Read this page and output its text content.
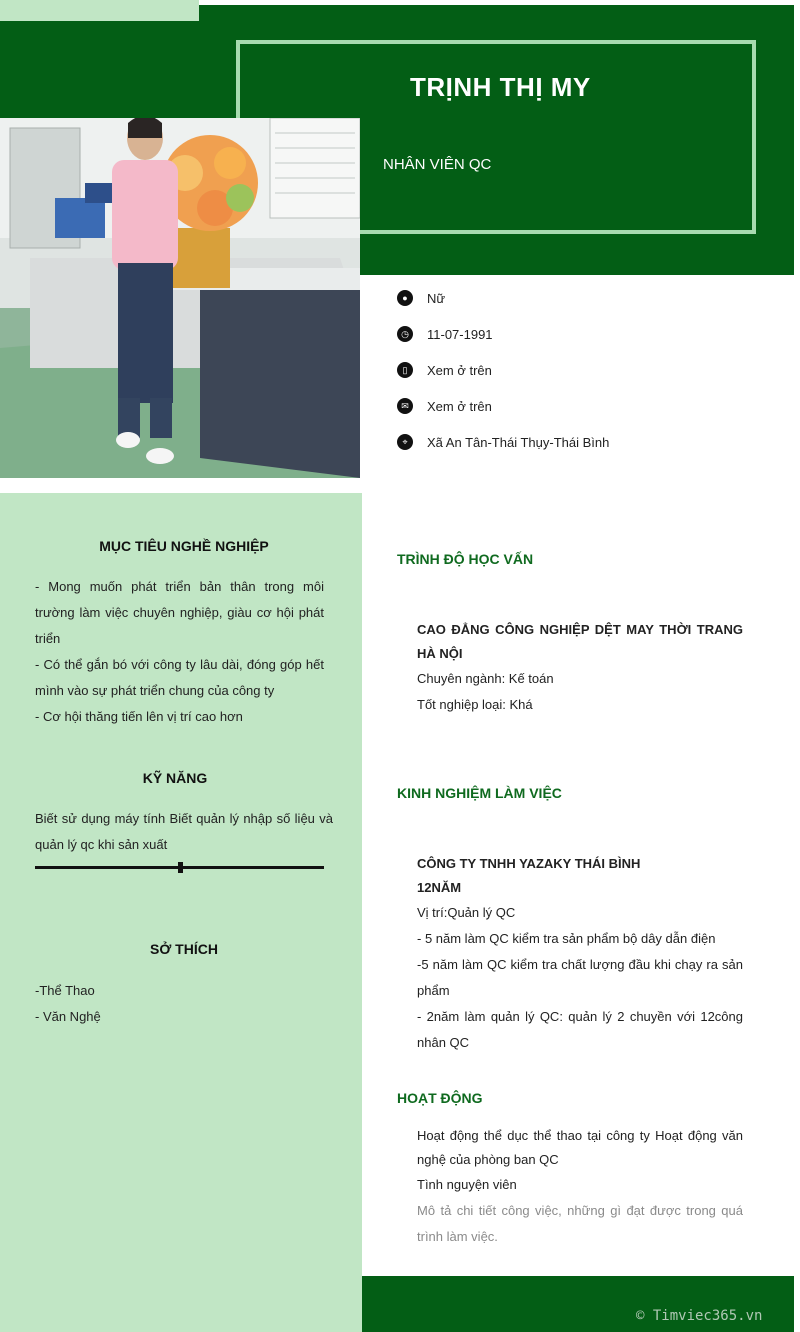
TRỊNH THỊ MY
NHÂN VIÊN QC
●	Nữ
◷	11-07-1991
▯	Xem ở trên
✉	Xem ở trên
⌖	Xã An Tân-Thái Thụy-Thái Bình
MỤC TIÊU NGHỀ NGHIỆP
- Mong muốn phát triển bản thân trong môi trường làm việc chuyên nghiệp, giàu cơ hội phát triển
- Có thể gắn bó với công ty lâu dài, đóng góp hết mình vào sự phát triển chung của công ty
- Cơ hội thăng tiến lên vị trí cao hơn
KỸ NĂNG
Biết sử dụng máy tính Biết quản lý nhập số liệu và quản lý qc khi sản xuất
SỞ THÍCH
-Thể Thao
- Văn Nghệ
TRÌNH ĐỘ HỌC VẤN
CAO ĐẲNG CÔNG NGHIỆP DỆT MAY THỜI TRANG HÀ NỘI
Chuyên ngành: Kế toán
Tốt nghiệp loại: Khá
KINH NGHIỆM LÀM VIỆC
CÔNG TY TNHH YAZAKY THÁI BÌNH
12NĂM
Vị trí:Quản lý QC
- 5 năm làm QC kiểm tra sản phẩm bộ dây dẫn điện
-5 năm làm QC kiểm tra chất lượng đầu khi chạy ra sản phẩm
- 2năm làm quản lý QC: quản lý 2 chuyền với 12công nhân QC
HOẠT ĐỘNG
Hoạt động thể dục thể thao tại công ty Hoạt động văn nghệ của phòng ban QC
Tình nguyện viên
Mô tả chi tiết công việc, những gì đạt được trong quá trình làm việc.
© Timviec365.vn
